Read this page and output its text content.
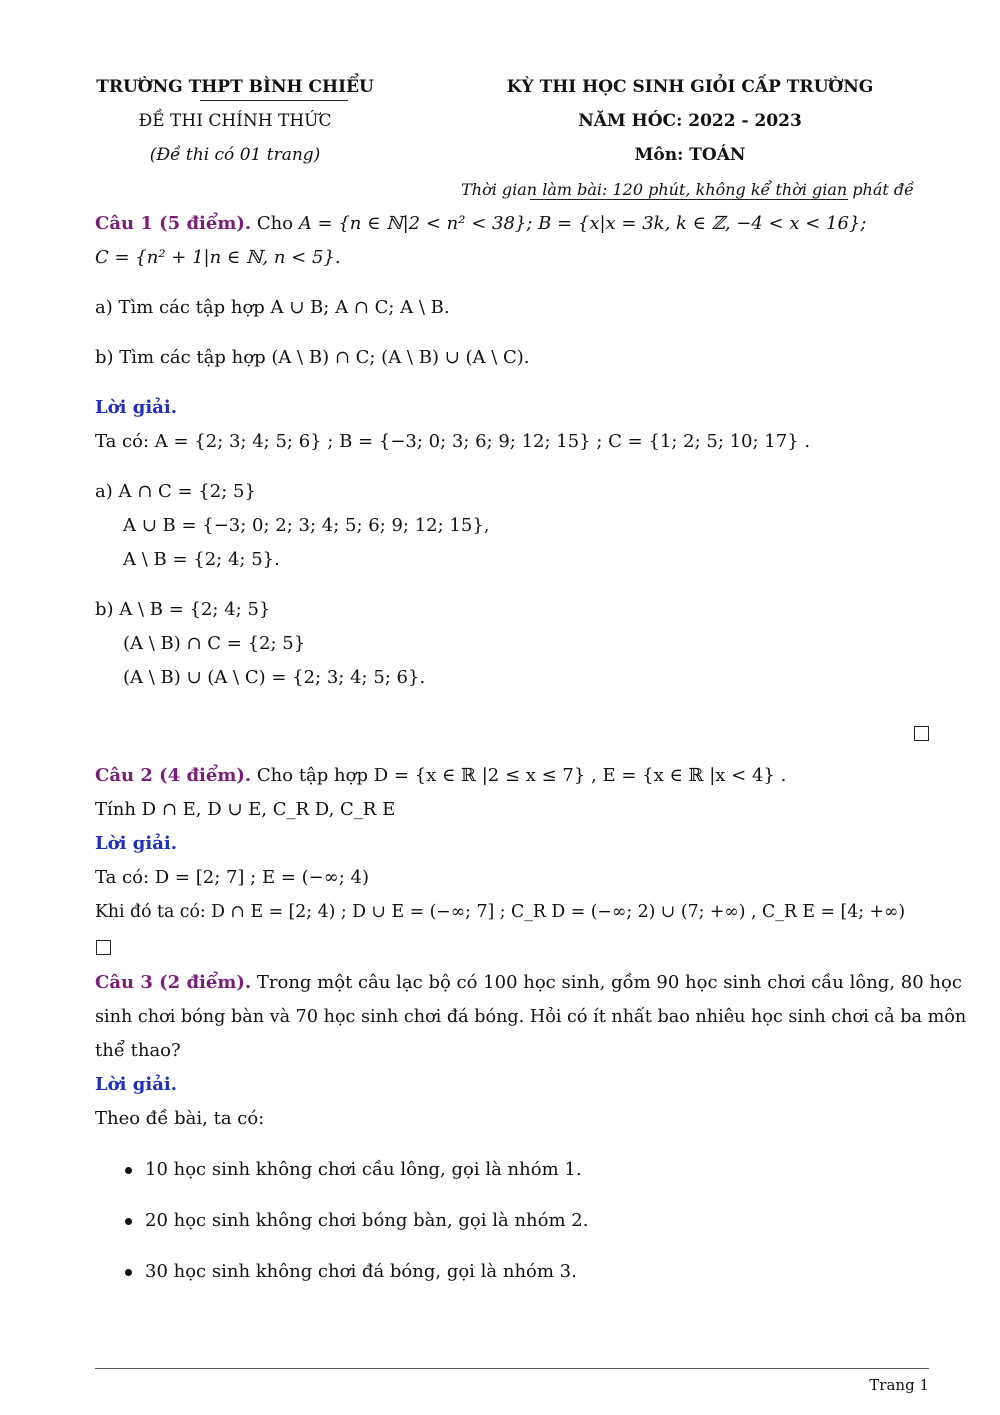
TRƯỜNG THPT BÌNH CHIỂU
ĐỀ THI CHÍNH THỨC
(Đề thi có 01 trang)
KỲ THI HỌC SINH GIỎI CẤP TRƯỜNG
NĂM HÓC: 2022 - 2023
Môn: TOÁN
Thời gian làm bài: 120 phút, không kể thời gian phát đề
Câu 1 (5 điểm). Cho A = {n ∈ ℕ|2 < n² < 38}; B = {x|x = 3k, k ∈ ℤ, −4 < x < 16};
C = {n² + 1|n ∈ ℕ, n < 5}.
a) Tìm các tập hợp A ∪ B; A ∩ C; A \ B.
b) Tìm các tập hợp (A \ B) ∩ C; (A \ B) ∪ (A \ C).
Lời giải.
Ta có: A = {2; 3; 4; 5; 6} ; B = {−3; 0; 3; 6; 9; 12; 15} ; C = {1; 2; 5; 10; 17} .
a) A ∩ C = {2; 5}
A ∪ B = {−3; 0; 2; 3; 4; 5; 6; 9; 12; 15},
A \ B = {2; 4; 5}.
b) A \ B = {2; 4; 5}
(A \ B) ∩ C = {2; 5}
(A \ B) ∪ (A \ C) = {2; 3; 4; 5; 6}.
Câu 2 (4 điểm). Cho tập hợp D = {x ∈ ℝ |2 ≤ x ≤ 7} , E = {x ∈ ℝ |x < 4} .
Tính D ∩ E, D ∪ E, C_R D, C_R E
Lời giải.
Ta có: D = [2; 7] ; E = (−∞; 4)
Khi đó ta có: D ∩ E = [2; 4) ; D ∪ E = (−∞; 7] ; C_R D = (−∞; 2) ∪ (7; +∞) , C_R E = [4; +∞)
Câu 3 (2 điểm). Trong một câu lạc bộ có 100 học sinh, gồm 90 học sinh chơi cầu lông, 80 học
sinh chơi bóng bàn và 70 học sinh chơi đá bóng. Hỏi có ít nhất bao nhiêu học sinh chơi cả ba môn
thể thao?
Lời giải.
Theo đề bài, ta có:
10 học sinh không chơi cầu lông, gọi là nhóm 1.
20 học sinh không chơi bóng bàn, gọi là nhóm 2.
30 học sinh không chơi đá bóng, gọi là nhóm 3.
Trang 1
